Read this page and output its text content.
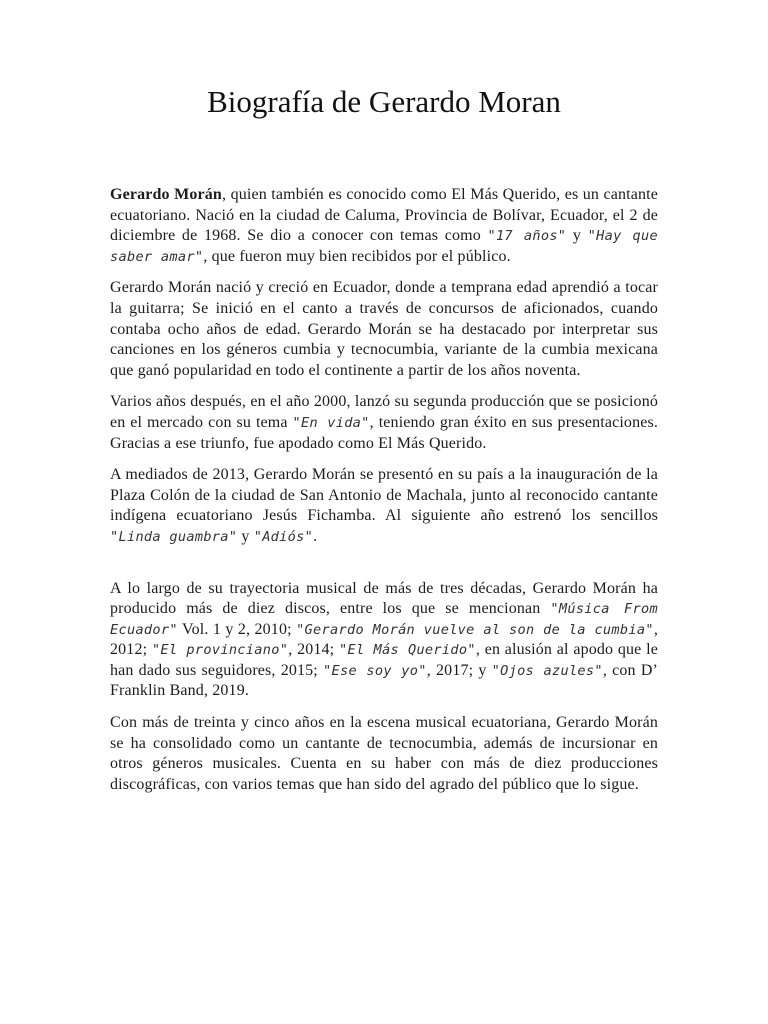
Biografía de Gerardo Moran

Gerardo Morán, quien también es conocido como El Más Querido, es un cantante ecuatoriano. Nació en la ciudad de Caluma, Provincia de Bolívar, Ecuador, el 2 de diciembre de 1968. Se dio a conocer con temas como "17 años" y "Hay que saber amar", que fueron muy bien recibidos por el público.

Gerardo Morán nació y creció en Ecuador, donde a temprana edad aprendió a tocar la guitarra; Se inició en el canto a través de concursos de aficionados, cuando contaba ocho años de edad. Gerardo Morán se ha destacado por interpretar sus canciones en los géneros cumbia y tecnocumbia, variante de la cumbia mexicana que ganó popularidad en todo el continente a partir de los años noventa.

Varios años después, en el año 2000, lanzó su segunda producción que se posicionó en el mercado con su tema "En vida", teniendo gran éxito en sus presentaciones. Gracias a ese triunfo, fue apodado como El Más Querido.

A mediados de 2013, Gerardo Morán se presentó en su país a la inauguración de la Plaza Colón de la ciudad de San Antonio de Machala, junto al reconocido cantante indígena ecuatoriano Jesús Fichamba. Al siguiente año estrenó los sencillos "Linda guambra" y "Adiós".

A lo largo de su trayectoria musical de más de tres décadas, Gerardo Morán ha producido más de diez discos, entre los que se mencionan "Música From Ecuador" Vol. 1 y 2, 2010; "Gerardo Morán vuelve al son de la cumbia", 2012; "El provinciano", 2014; "El Más Querido", en alusión al apodo que le han dado sus seguidores, 2015; "Ese soy yo", 2017; y "Ojos azules", con D’ Franklin Band, 2019.

Con más de treinta y cinco años en la escena musical ecuatoriana, Gerardo Morán se ha consolidado como un cantante de tecnocumbia, además de incursionar en otros géneros musicales. Cuenta en su haber con más de diez producciones discográficas, con varios temas que han sido del agrado del público que lo sigue.
